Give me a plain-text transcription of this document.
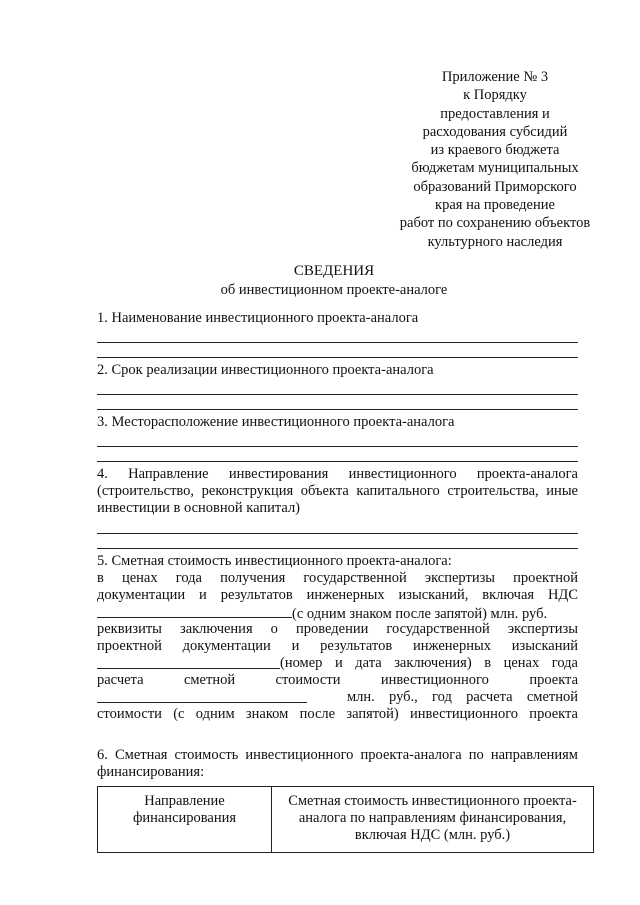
Приложение № 3
к Порядку
предоставления и
расходования субсидий
из краевого бюджета
бюджетам муниципальных
образований Приморского
края на проведение
работ по сохранению объектов
культурного наследия
СВЕДЕНИЯ
об инвестиционном проекте-аналоге
1. Наименование инвестиционного проекта-аналога
2. Срок реализации инвестиционного проекта-аналога
3. Месторасположение инвестиционного проекта-аналога
4. Направление инвестирования инвестиционного проекта-аналога
(строительство, реконструкция объекта капитального строительства, иные
инвестиции в основной капитал)
5. Сметная стоимость инвестиционного проекта-аналога:
в ценах года получения государственной экспертизы проектной
документации и результатов инженерных изысканий, включая НДС
(с одним знаком после запятой) млн. руб.
реквизиты заключения о проведении государственной экспертизы
проектной документации и результатов инженерных изысканий
(номер и дата заключения) в ценах года
расчета сметной стоимости инвестиционного проекта
млн. руб., год расчета сметной
стоимости (с одним знаком после запятой) инвестиционного проекта
6. Сметная стоимость инвестиционного проекта-аналога по направлениям
финансирования:
Направление финансирования	Сметная стоимость инвестиционного проекта-аналога по направлениям финансирования, включая НДС (млн. руб.)
